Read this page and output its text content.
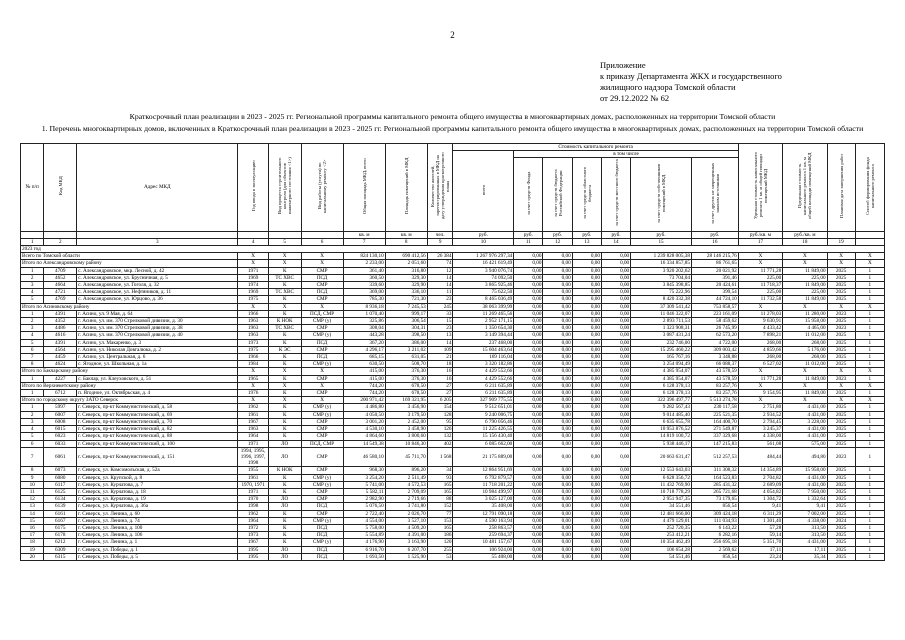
2
Приложение
к приказу Департамента ЖКХ и государственного
жилищного надзора Томской области
от 29.12.2022 № 62
Краткосрочный план реализации в 2023 - 2025 гг. Региональной программы капитального ремонта общего имущества в многоквартирных домах, расположенных на территории Томской области
1. Перечень многоквартирных домов, включенных в Краткосрочный план реализации в 2023 - 2025 гг. Региональной программы капитального ремонта общего имущества в многоквартирных домах, расположенных на территории Томской области
№ п/п	Код МКД	Адрес МКД	Год ввода в эксплуатацию	Вид процесса строительного контроля (для объектов инженерного состояния <1>)	Вид работы (услуги) по капитальному ремонту <2>	Общая площадь МКД, всего	Площадь помещений в МКД	Количество жителей, зарегистрированных в МКД на дату утверждения краткосрочного плана	Стоимость капитального ремонта							Удельная стоимость капитального ремонта 1 кв. м общей площади помещений МКД	Предельная стоимость капитального ремонта 1 кв. м общей площади помещений МКД	Плановая дата завершения работ	Способ формирования фонда капитального ремонта
									всего	в том числе									
										за счет средств Фонда	за счет средств бюджета Российской Федерации	за счет средств областного бюджета	за счет средств местного бюджета	за счет средств собственников помещений в МКД	за счет других не запрещенных законом источников				
						кв. м	кв. м	чел.	руб.	руб.	руб.	руб.	руб.	руб.	руб.	руб./кв. м	руб./кв. м		
1	2	3	4	5	6	7	8	9	10	11	12	13	14	15	16	17	18	19	
2023 год																			
Всего по Томской области			X	X	X	824 130,10	690 412,56	26 384	1 267 976 297,34	0,00	0,00	0,00	0,00	1 239 828 005,38	28 146 215,76	X	X	X	X
Итого по Александровскому району			X	X	X	2 233,00	2 051,60	74	16 421 619,49	0,00	0,00	0,00	0,00	16 334 857,85	86 761,65	X	X	X	X
1	4709	с. Александровское, мкр. Лесной, д. 42	1971	К	СМР	361,40	316,80	12	3 940 076,74	0,00	0,00	0,00	0,00	3 920 202,62	20 021,92	11 771,28	11 849,00	2025	1
2	4652	с. Александровское, ул. Брусничная, д. 5	1969	ТС ХВС	ПСД	360,50	329,30	14	74 092,50	0,00	0,00	0,00	0,00	73 704,04	391,46	225,00	225,00	2025	1
3	4664	с. Александровское, ул. Гоголя, д. 32	1974	К	СМР	339,60	329,90	14	3 865 925,46	0,00	0,00	0,00	0,00	3 845 398,85	20 424,61	11 718,37	11 849,00	2025	1
4	4721	с. Александровское, ул. Нефтяников, д. 11	1969	ТС ХВС	ПСД	369,00	336,10	11	75 622,50	0,00	0,00	0,00	0,00	75 222,96	399,54	225,00	225,00	2025	1
5	4769	с. Александровское, ул. Юрцово, д. 36	1975	К	СМР	785,30	721,30	23	8 465 036,49	0,00	0,00	0,00	0,00	8 420 332,38	44 724,10	11 732,58	11 849,00	2025	1
Итого по Асиновскому району			X	X	X	8 936,18	7 245,53	245	38 063 399,99	0,00	0,00	0,00	0,00	37 309 541,42	753 858,57	X	X	X	X
1	4391	г. Асино, ул. 9 Мая, д. 64	1966	К	ПСД, СМР	1 070,40	999,17	33	11 269 465,56	0,00	0,00	0,00	0,00	11 046 322,07	223 161,09	11 278,03	11 280,00	2023	1
2	4352	г. Асино, ул. им. 370 Стрелковой дивизии, д. 30	1963	К НОК	СМР (у)	325,86	306,54	15	2 952 171,15	0,00	0,00	0,00	0,00	2 893 711,53	58 459,62	9 630,91	15 958,00	2025	1
3	4486	г. Асино, ул. им. 370 Стрелковой дивизии, д. 38	1963	ТС ХВС	СМР	308,04	304,31	23	1 350 654,30	0,00	0,00	0,00	0,00	1 323 908,31	26 745,99	4 433,42	4 465,00	2023	1
4	4616	г. Асино, ул. им. 370 Стрелковой дивизии, д. 40	1963	К	СМР (у)	443,28	398,50	13	3 149 394,44	0,00	0,00	0,00	0,00	3 087 431,24	62 573,20	7 898,21	11 012,00	2025	1
5	4391	г. Асино, ул. Макаренко, д. 3	1973	К	ПСД	367,20	386,00	14	237 468,00	0,00	0,00	0,00	0,00	232 746,00	4 722,00	268,00	268,00	2025	1
6	4564	г. Асино, ул. Николая Довгалюка, д. 2	1975	К ЭС	СМР	4 296,17	3 211,02	109	15 604 463,64	0,00	0,00	0,00	0,00	15 295 460,22	309 003,42	4 859,66	5 176,00	2025	1
7	4459	г. Асино, ул. Центральная, д. 6	1966	К	ПСД	685,15	631,05	21	169 116,04	0,00	0,00	0,00	0,00	165 767,16	3 348,88	268,00	268,00	2025	1
8	4624	с. Ягодное, ул. Школьная, д. 1а	1984	К	СМР (у)	630,50	508,70	18	3 320 182,86	0,00	0,00	0,00	0,00	3 254 094,49	66 088,37	6 527,02	11 012,00	2025	1
Итого по Бакчарскому району			X	X	X	415,00	376,30	16	4 429 552,66	0,00	0,00	0,00	0,00	4 385 954,07	43 578,59	X	X	X	X
1	4227	с. Бакчар, ул. Клеуховского, д. 51	1965	К	СМР	415,00	376,30	16	4 429 552,66	0,00	0,00	0,00	0,00	4 385 954,07	43 578,59	11 771,28	11 849,00	2023	1
Итого по Верхнекетскому району			X	X	X	744,20	678,50	27	6 211 635,89	0,00	0,00	0,00	0,00	6 128 378,13	83 257,76	X	X	X	X
1	6712	п. Ягодное, ул. Октябрьская, д. 4	1976	К	СМР	744,20	678,50	27	6 211 635,89	0,00	0,00	0,00	0,00	6 128 378,13	83 257,76	9 154,95	11 849,00	2025	1
Итого по городскому округу ЗАТО Северск			X	X	X	200 971,42	169 321,95	6 205	327 909 775,55	0,00	0,00	0,00	0,00	322 396 497,77	5 513 274,78	X	X	X	X
1	5997	г. Северск, пр-кт Коммунистический, д. 58	1962	К	СМР (у)	4 486,80	3 456,90	154	9 512 651,01	0,00	0,00	0,00	0,00	9 282 567,43	230 117,58	2 751,80	4 431,00	2025	1
2	6007	г. Северск, пр-кт Коммунистический, д. 69	1961	К	СМР (у)	4 050,50	3 179,50	128	9 240 006,75	0,00	0,00	0,00	0,00	9 014 485,40	225 521,35	2 934,52	4 431,00	2025	1
3	6008	г. Северск, пр-кт Коммунистический, д. 70	1967	К	СМР	3 001,20	2 452,00	95	6 790 056,46	0,00	0,00	0,00	0,00	6 635 655,78	164 400,70	2 794,45	3 228,00	2025	1
4	6015	г. Северск, пр-кт Коммунистический, д. 82	1963	К	СМР	4 530,10	3 458,90	126	11 225 426,55	0,00	0,00	0,00	0,00	10 953 876,52	271 549,87	3 245,37	4 431,00	2025	1
5	6023	г. Северск, пр-кт Коммунистический, д. 88	1964	К	СМР	4 864,60	3 800,60	132	15 156 430,40	0,00	0,00	0,00	0,00	14 819 100,72	337 329,68	4 338,00	4 431,00	2025	1
6	6033	г. Северск, пр-кт Коммунистический, д. 100	1971	ЛО	ПСД, СМР	14 549,38	10 846,30	402	6 085 662,00	0,00	0,00	0,00	0,00	5 938 446,17	147 215,83	561,08	575,00	2025	1
7	6061	г. Северск, пр-кт Коммунистический, д. 151	1994, 1995, 1996, 1997, 1998	ЛО	СМР	46 580,10	45 711,70	1 568	21 175 889,00	0,00	0,00	0,00	0,00	20 663 631,47	512 257,53	484,44	494,80	2023	1
8	6073	г. Северск, ул. Комсомольская, д. 52а	1955	К НОК	СМР	968,30	896,20	34	12 864 951,69	0,00	0,00	0,00	0,00	12 553 643,03	311 308,32	14 354,89	15 958,00	2025	1
9	6080	г. Северск, ул. Крупской, д. 8	1961	К	СМР (у)	3 254,20	2 511,49	93	6 792 879,57	0,00	0,00	0,00	0,00	6 628 356,72	164 523,83	2 704,82	4 431,00	2025	1
10	6117	г. Северск, ул. Курчатова, д. 7	1970, 1971	К	СМР (у)	5 741,00	4 572,53	165	11 718 201,22	0,00	0,00	0,00	0,00	11 432 769,90	285 431,32	2 689,09	4 431,00	2025	1
11	6125	г. Северск, ул. Курчатова, д. 18	1971	К	СМР	5 582,11	2 709,09	165	10 984 499,97	0,00	0,00	0,00	0,00	10 718 778,29	265 721,68	4 054,82	7 950,00	2025	1
12	6134	г. Северск, ул. Курчатова, д. 19	1970	ЛО	СМР	2 982,90	2 719,66	88	3 025 127,00	0,00	0,00	0,00	0,00	2 951 947,35	73 179,65	1 304,72	1 332,64	2025	1
13	6139	г. Северск, ул. Курчатова, д. 36а	1998	ЛО	ПСД	5 076,50	3 741,80	152	35 408,00	0,00	0,00	0,00	0,00	34 551,46	856,54	9,41	9,41	2025	1
14	6161	г. Северск, ул. Ленина, д. 60	1962	К	СМР	2 722,40	2 026,70	77	12 791 090,18	0,00	0,00	0,00	0,00	12 481 666,00	309 424,18	6 311,29	7 002,00	2025	1
15	6167	г. Северск, ул. Ленина, д. 74	1964	К	СМР (у)	4 554,00	3 527,10	153	4 590 163,94	0,00	0,00	0,00	0,00	4 479 129,01	111 034,93	1 301,40	4 338,00	2024	1
16	6175	г. Северск, ул. Ленина, д. 100	1972	К	ПСД	5 758,00	4 509,20	165	258 863,57	0,00	0,00	0,00	0,00	252 720,35	6 143,22	57,28	313,50	2025	1
17	6178	г. Северск, ул. Ленина, д. 106	1973	К	ПСД	5 554,89	4 391,00	186	259 694,37	0,00	0,00	0,00	0,00	253 412,21	6 282,16	59,14	313,50	2025	1
18	6212	г. Северск, ул. Ленина, д. 1	1967	К	СМР (у)	4 176,90	3 163,90	120	10 481 157,67	0,00	0,00	0,00	0,00	10 354 462,49	256 695,18	5 351,70	4 431,00	2025	1
19	6309	г. Северск, ул. Победы, д. 1	1995	ЛО	ПСД	6 916,70	6 207,70	255	106 924,00	0,00	0,00	0,00	0,00	106 654,28	2 569,62	17,11	17,11	2025	1
20	6315	г. Северск, ул. Победы, д. 5	1995	ЛО	ПСД	1 693,50	1 525,90	53	55 408,00	0,00	0,00	0,00	0,00	54 551,46	856,54	23,24	35,34	2025	1
